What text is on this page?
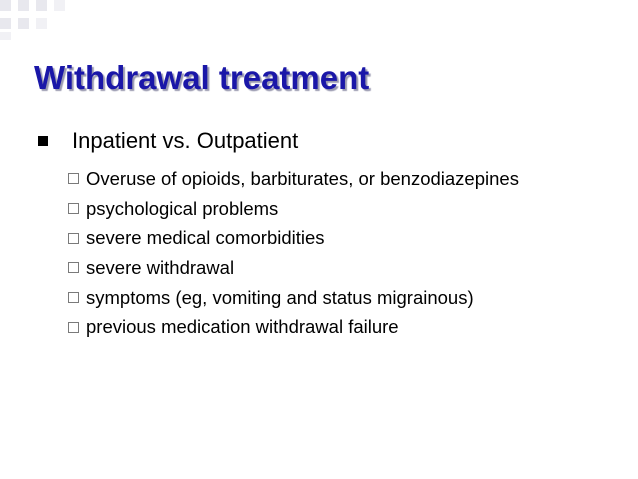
Withdrawal treatment
Inpatient vs. Outpatient
Overuse of opioids, barbiturates, or benzodiazepines
psychological problems
severe medical comorbidities
severe withdrawal
symptoms (eg, vomiting and status migrainous)
previous medication withdrawal failure
